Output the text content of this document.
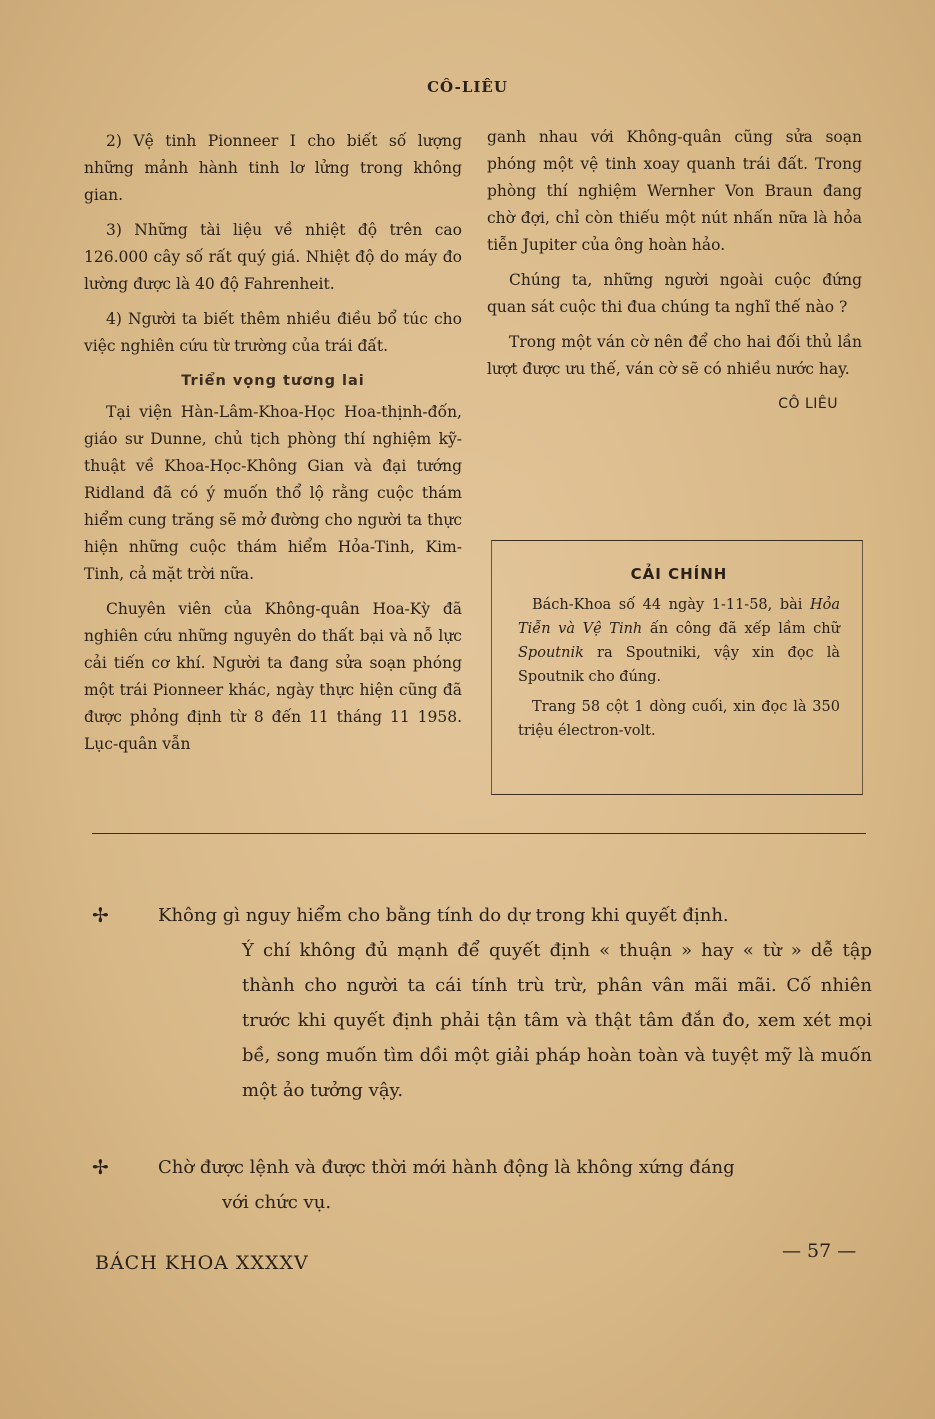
CÔ-LIÊU

2) Vệ tinh Pionneer I cho biết số lượng những mảnh hành tinh lơ lửng trong không gian.

3) Những tài liệu về nhiệt độ trên cao 126.000 cây số rất quý giá. Nhiệt độ do máy đo lường được là 40 độ Fahrenheit.

4) Người ta biết thêm nhiều điều bổ túc cho việc nghiên cứu từ trường của trái đất.

Triển vọng tương lai

Tại viện Hàn-Lâm-Khoa-Học Hoa-thịnh-đốn, giáo sư Dunne, chủ tịch phòng thí nghiệm kỹ-thuật về Khoa-Học-Không Gian và đại tướng Ridland đã có ý muốn thổ lộ rằng cuộc thám hiểm cung trăng sẽ mở đường cho người ta thực hiện những cuộc thám hiểm Hỏa-Tinh, Kim-Tinh, cả mặt trời nữa.

Chuyên viên của Không-quân Hoa-Kỳ đã nghiên cứu những nguyên do thất bại và nỗ lực cải tiến cơ khí. Người ta đang sửa soạn phóng một trái Pionneer khác, ngày thực hiện cũng đã được phỏng định từ 8 đến 11 tháng 11 1958. Lục-quân vẫn

ganh nhau với Không-quân cũng sửa soạn phóng một vệ tinh xoay quanh trái đất. Trong phòng thí nghiệm Wernher Von Braun đang chờ đợi, chỉ còn thiếu một nút nhấn nữa là hỏa tiễn Jupiter của ông hoàn hảo.

Chúng ta, những người ngoài cuộc đứng quan sát cuộc thi đua chúng ta nghĩ thế nào ?

Trong một ván cờ nên để cho hai đối thủ lần lượt được ưu thế, ván cờ sẽ có nhiều nước hay.

CÔ LIÊU
CẢI CHÍNH

Bách-Khoa số 44 ngày 1-11-58, bài Hỏa Tiễn và Vệ Tinh ấn công đã xếp lầm chữ Spoutnik ra Spoutniki, vậy xin đọc là Spoutnik cho đúng.

Trang 58 cột 1 dòng cuối, xin đọc là 350 triệu électron-volt.

✢	Không gì nguy hiểm cho bằng tính do dự trong khi quyết định.
Ý chí không đủ mạnh để quyết định « thuận » hay « từ » dễ tập thành cho người ta cái tính trù trừ, phân vân mãi mãi. Cố nhiên trước khi quyết định phải tận tâm và thật tâm đắn đo, xem xét mọi bề, song muốn tìm dồi một giải pháp hoàn toàn và tuyệt mỹ là muốn một ảo tưởng vậy.
✢	Chờ được lệnh và được thời mới hành động là không xứng đáng
với chức vụ.
BÁCH KHOA XXXXV
— 57 —
